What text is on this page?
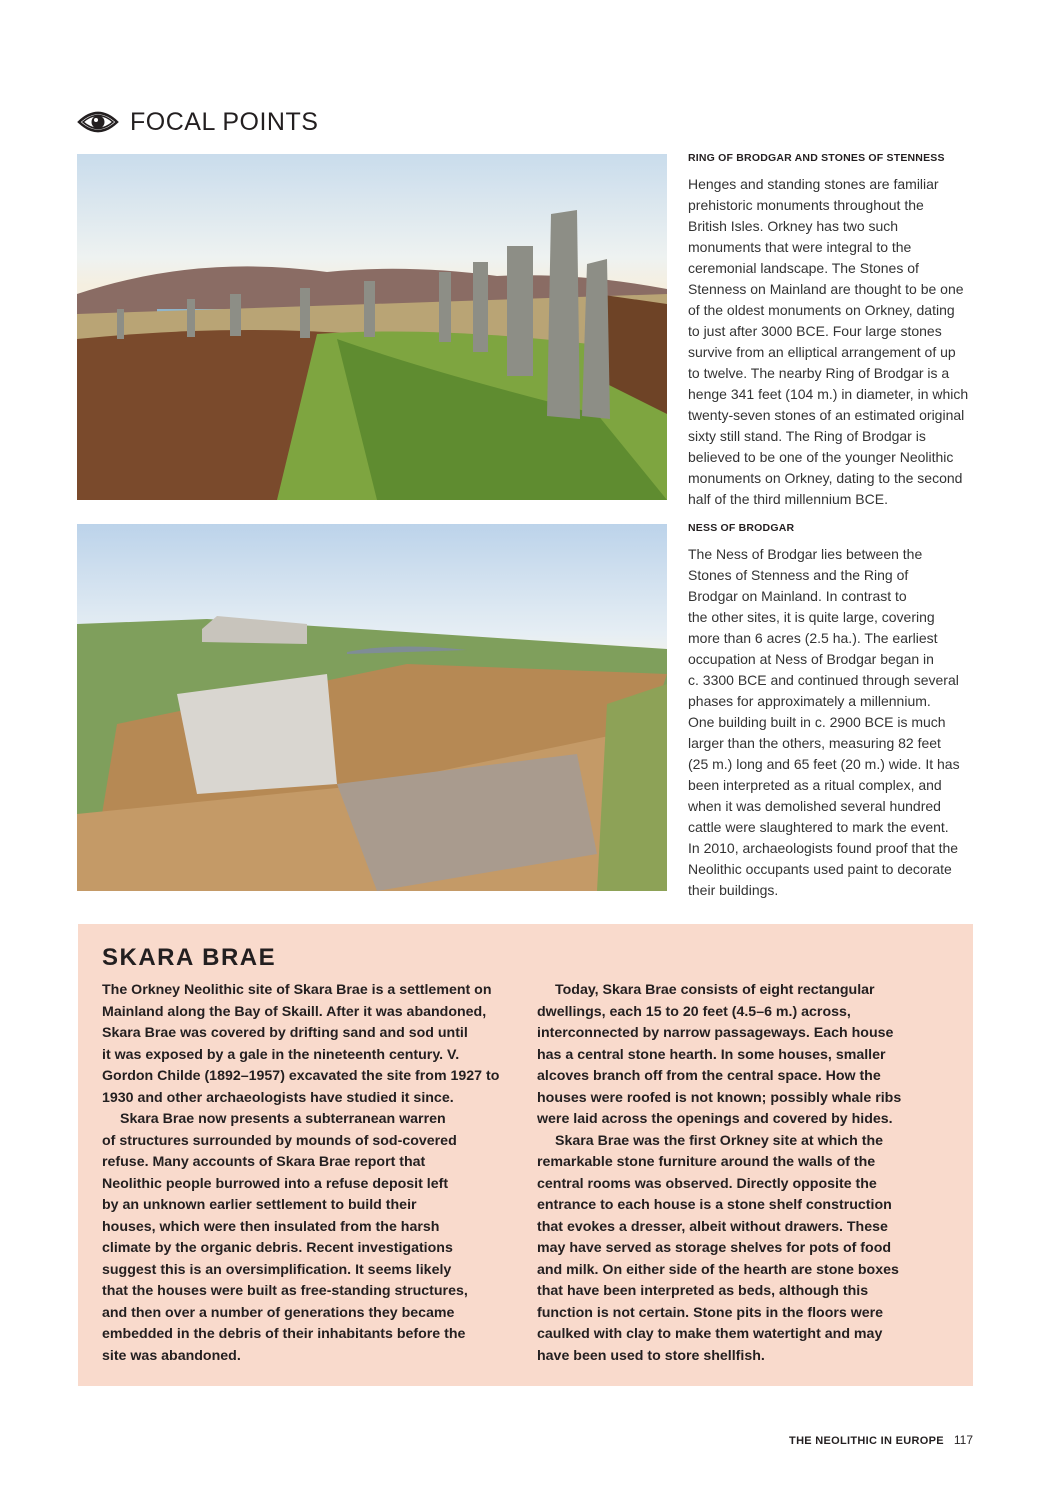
FOCAL POINTS
RING OF BRODGAR AND STONES OF STENNESS
Henges and standing stones are familiar
prehistoric monuments throughout the
British Isles. Orkney has two such
monuments that were integral to the
ceremonial landscape. The Stones of
Stenness on Mainland are thought to be one
of the oldest monuments on Orkney, dating
to just after 3000 BCE. Four large stones
survive from an elliptical arrangement of up
to twelve. The nearby Ring of Brodgar is a
henge 341 feet (104 m.) in diameter, in which
twenty-seven stones of an estimated original
sixty still stand. The Ring of Brodgar is
believed to be one of the younger Neolithic
monuments on Orkney, dating to the second
half of the third millennium BCE.
NESS OF BRODGAR
The Ness of Brodgar lies between the
Stones of Stenness and the Ring of
Brodgar on Mainland. In contrast to
the other sites, it is quite large, covering
more than 6 acres (2.5 ha.). The earliest
occupation at Ness of Brodgar began in
c. 3300 BCE and continued through several
phases for approximately a millennium.
One building built in c. 2900 BCE is much
larger than the others, measuring 82 feet
(25 m.) long and 65 feet (20 m.) wide. It has
been interpreted as a ritual complex, and
when it was demolished several hundred
cattle were slaughtered to mark the event.
In 2010, archaeologists found proof that the
Neolithic occupants used paint to decorate
their buildings.
SKARA BRAE
The Orkney Neolithic site of Skara Brae is a settlement on
Mainland along the Bay of Skaill. After it was abandoned,
Skara Brae was covered by drifting sand and sod until
it was exposed by a gale in the nineteenth century. V.
Gordon Childe (1892–1957) excavated the site from 1927 to
1930 and other archaeologists have studied it since.
Skara Brae now presents a subterranean warren
of structures surrounded by mounds of sod-covered
refuse. Many accounts of Skara Brae report that
Neolithic people burrowed into a refuse deposit left
by an unknown earlier settlement to build their
houses, which were then insulated from the harsh
climate by the organic debris. Recent investigations
suggest this is an oversimplification. It seems likely
that the houses were built as free-standing structures,
and then over a number of generations they became
embedded in the debris of their inhabitants before the
site was abandoned.
Today, Skara Brae consists of eight rectangular
dwellings, each 15 to 20 feet (4.5–6 m.) across,
interconnected by narrow passageways. Each house
has a central stone hearth. In some houses, smaller
alcoves branch off from the central space. How the
houses were roofed is not known; possibly whale ribs
were laid across the openings and covered by hides.
Skara Brae was the first Orkney site at which the
remarkable stone furniture around the walls of the
central rooms was observed. Directly opposite the
entrance to each house is a stone shelf construction
that evokes a dresser, albeit without drawers. These
may have served as storage shelves for pots of food
and milk. On either side of the hearth are stone boxes
that have been interpreted as beds, although this
function is not certain. Stone pits in the floors were
caulked with clay to make them watertight and may
have been used to store shellfish.
THE NEOLITHIC IN EUROPE 117
